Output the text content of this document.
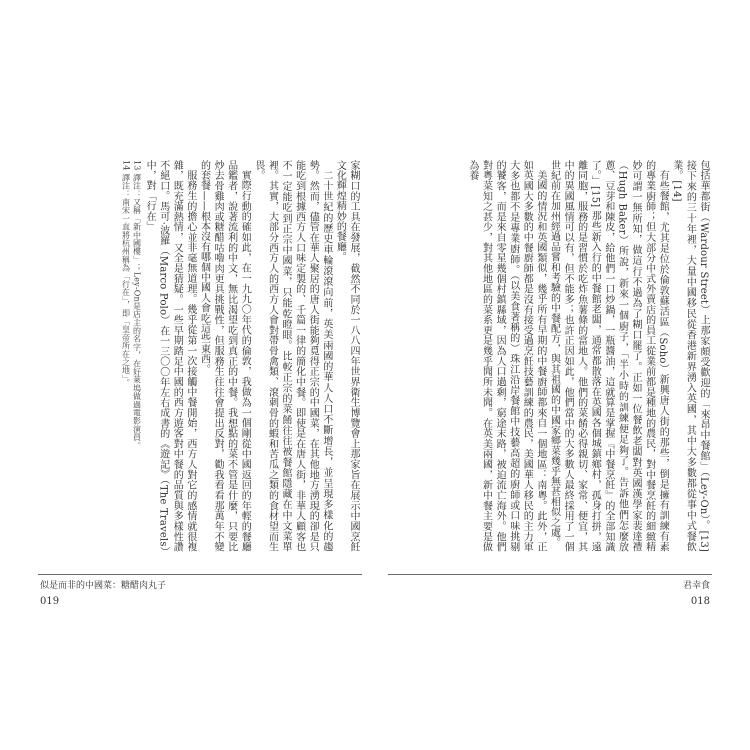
家糊口的工具在發展，截然不同於一八八四年世界衛生博覽會上那家旨在展示中國烹飪文化輝煌精妙的餐廳。

二十世紀的歷史車輪滾滾向前，英美兩國的華人人口不斷增長，並呈現多樣化的趨勢。然而，儘管在華人聚居的唐人街能夠覓得正宗的中國菜，在其他地方湧現的卻是只能吃到根據西方人口味定製的、千篇一律的簡化中餐。即使是在唐人街，非華人顧客也不一定能吃到正宗中國菜，只能乾瞪眼。比較正宗的菜餚往往被餐館隱藏在中文菜單裡。其實，大部分西方人的西方人會對帶骨禽類、滾刺骨的蝦和苦瓜之類的食材望而生畏。

實際行動的確如此，在一九九〇年代的倫敦，我做為一個剛從中國返回的年輕的餐廳品鑑者，說著流利的中文，無比渴望吃到真正的中餐。我想點的菜不管是什麼，只要比炒去骨雞肉或糖醋咕嚕肉更具挑戰性，但服務生往往會提出反對，勸我看看那萬年不變的套餐——根本沒有哪個中國人會吃這些東西。

服務生的擔心並非毫無道理。幾乎從第一次接觸中餐開始，西方人對它的感情就很複雜，既充滿熱情，又全是猜疑。一些早期踏足中國的西方遊客對中餐的品質與多樣性讚不絕口。馬可‧波羅（Marco Polo）在一三〇〇年左右成書的《遊記》（The Travels）中，對「行在」

13 譯注：又稱「新中國樓」；Ley-On是店主的名字，在好萊塢做過電影演員。

14 譯注：南宋一直將杭州稱為「行在」，即「皇帝所在之地」。

似是而非的中國菜：糖醋肉丸子
019

包括華都街（Wardour Street）上那家頗受歡迎的「來昂中餐館」（Ley-On）。[13] 接下來的三十年裡，大量中國移民從香港新界湧入英國，其中大多數都從事中式餐飲業。[14]

有些餐館，尤其是位於倫敦蘇活區（Soho）新興唐人街的那些，倒是擁有訓練有素的專業廚師；但大部分中式外賣店的員工從業前都是種地的農民，對中餐烹飪的細緻精妙可謂一無所知，做這行不過為了糊口罷了。正如一位餐飲老闆對英國漢學家裴達禮（Hugh Baker）所說，新來一個廚子，「半小時的訓練便足夠了。告訴他們怎麼放蔥、豆芽和陳皮，給他們一口炒鍋，一瓶醬油，這就算是掌握『中餐烹飪』的全部知識了。」[15] 那些新入行的中餐館老闆，通常都散落在英國各個城鎮鄉村，孤身打拼，遠離同胞，服務的是習慣於吃炸魚薯條的當地人。他們的菜餚必得親切、家常、便宜，其中的異國風情可以有，但不能多；也許正因如此，他們當中的大多數人最終採用了一個世紀前在加州經過品嘗和考驗的中餐配方，與其祖國的中國家鄉菜幾乎無甚相似之處。

美國的情況和英國類似，幾乎所有早期的中餐廚師都來自一個地區：南粵。此外，正如英國大多數的中餐廚師都是沒有接受過烹飪技藝訓練的農民，美國華人移民的主力軍大多也都不是專業廚師。（以美食著稱的）珠江沿岸餐館中技藝高超的廚師或口味挑剔的饕客，而是來自零星幾個村鎮縣域，因為人口過剩，窮途末路，被迫流亡海外。他們對粵菜知之甚少，對其他地區的菜系更是幾乎聞所未聞。在英美兩國，新中餐主要是做為養

君幸食
018
